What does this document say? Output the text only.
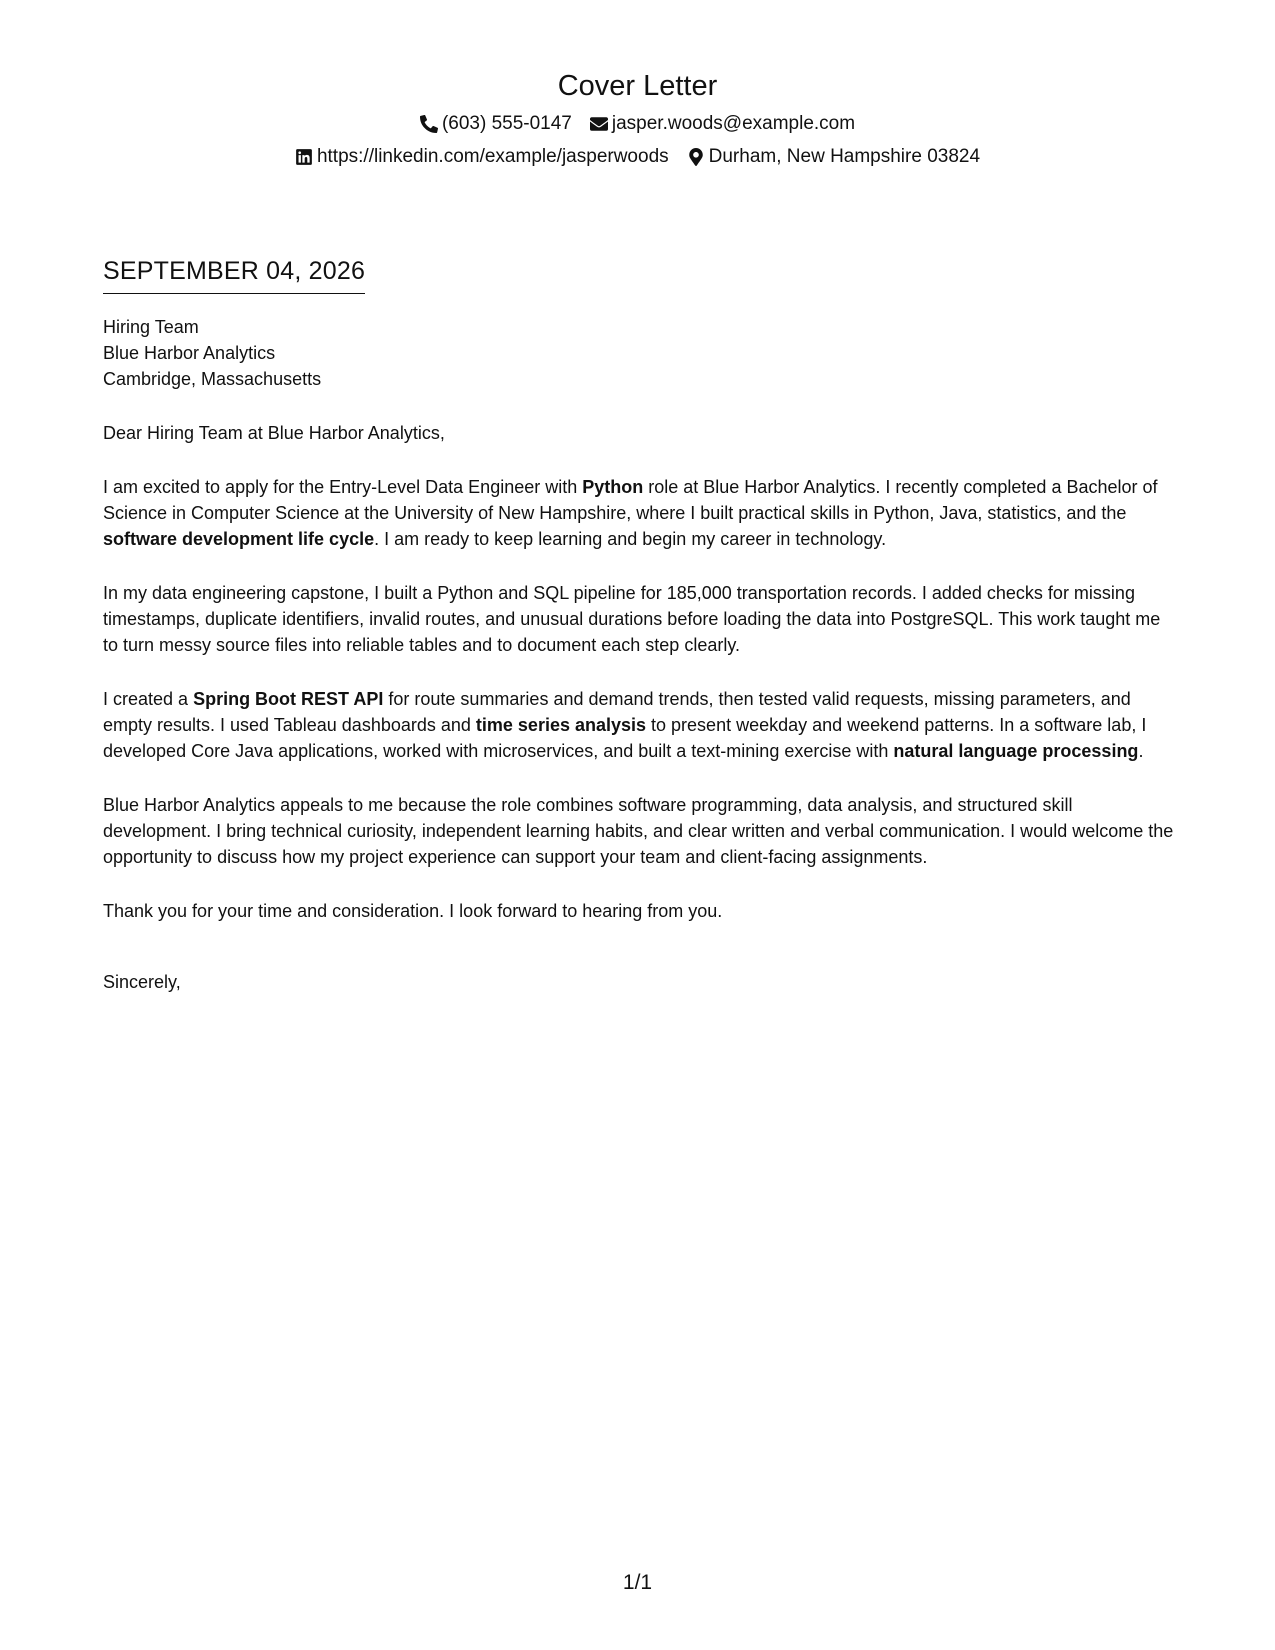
Cover Letter
(603) 555-0147 jasper.woods@example.com
https://linkedin.com/example/jasperwoods Durham, New Hampshire 03824
SEPTEMBER 04, 2026
Hiring Team
Blue Harbor Analytics
Cambridge, Massachusetts
Dear Hiring Team at Blue Harbor Analytics,

I am excited to apply for the Entry-Level Data Engineer with Python role at Blue Harbor Analytics. I recently completed a Bachelor of Science in Computer Science at the University of New Hampshire, where I built practical skills in Python, Java, statistics, and the software development life cycle. I am ready to keep learning and begin my career in technology.

In my data engineering capstone, I built a Python and SQL pipeline for 185,000 transportation records. I added checks for missing timestamps, duplicate identifiers, invalid routes, and unusual durations before loading the data into PostgreSQL. This work taught me to turn messy source files into reliable tables and to document each step clearly.

I created a Spring Boot REST API for route summaries and demand trends, then tested valid requests, missing parameters, and empty results. I used Tableau dashboards and time series analysis to present weekday and weekend patterns. In a software lab, I developed Core Java applications, worked with microservices, and built a text-mining exercise with natural language processing.

Blue Harbor Analytics appeals to me because the role combines software programming, data analysis, and structured skill development. I bring technical curiosity, independent learning habits, and clear written and verbal communication. I would welcome the opportunity to discuss how my project experience can support your team and client-facing assignments.

Thank you for your time and consideration. I look forward to hearing from you.

Sincerely,
1/1
